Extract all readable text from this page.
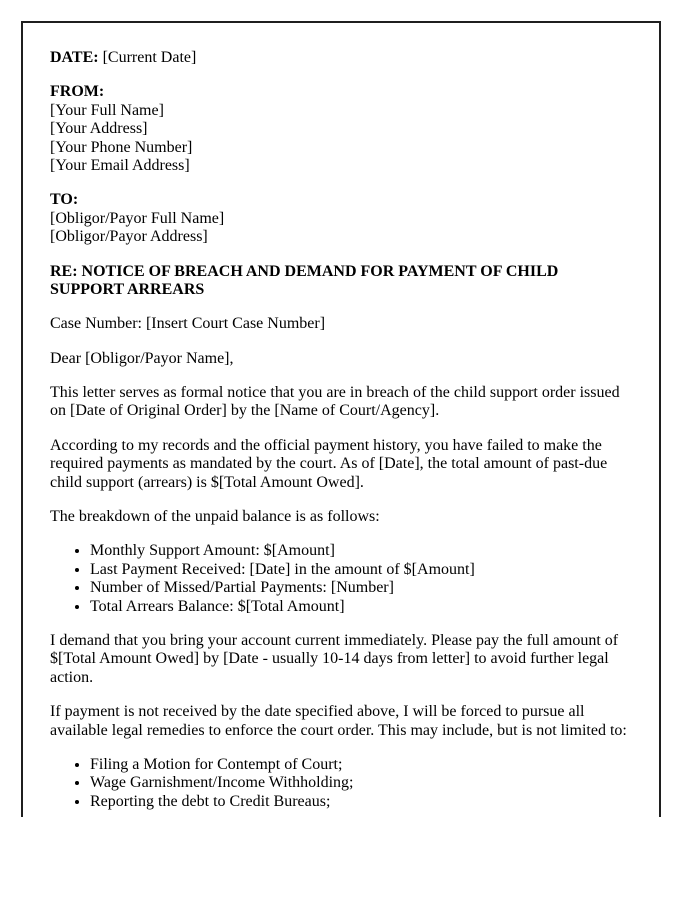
DATE: [Current Date]

FROM:
[Your Full Name]
[Your Address]
[Your Phone Number]
[Your Email Address]
TO:
[Obligor/Payor Full Name]
[Obligor/Payor Address]

RE: NOTICE OF BREACH AND DEMAND FOR PAYMENT OF CHILD SUPPORT ARREARS

Case Number: [Insert Court Case Number]

Dear [Obligor/Payor Name],

This letter serves as formal notice that you are in breach of the child support order issued on [Date of Original Order] by the [Name of Court/Agency].

According to my records and the official payment history, you have failed to make the required payments as mandated by the court. As of [Date], the total amount of past-due child support (arrears) is $[Total Amount Owed].

The breakdown of the unpaid balance is as follows:

• Monthly Support Amount: $[Amount]
• Last Payment Received: [Date] in the amount of $[Amount]
• Number of Missed/Partial Payments: [Number]
• Total Arrears Balance: $[Total Amount]

I demand that you bring your account current immediately. Please pay the full amount of $[Total Amount Owed] by [Date - usually 10-14 days from letter] to avoid further legal action.

If payment is not received by the date specified above, I will be forced to pursue all available legal remedies to enforce the court order. This may include, but is not limited to:

• Filing a Motion for Contempt of Court;
• Wage Garnishment/Income Withholding;
• Reporting the debt to Credit Bureaus;
